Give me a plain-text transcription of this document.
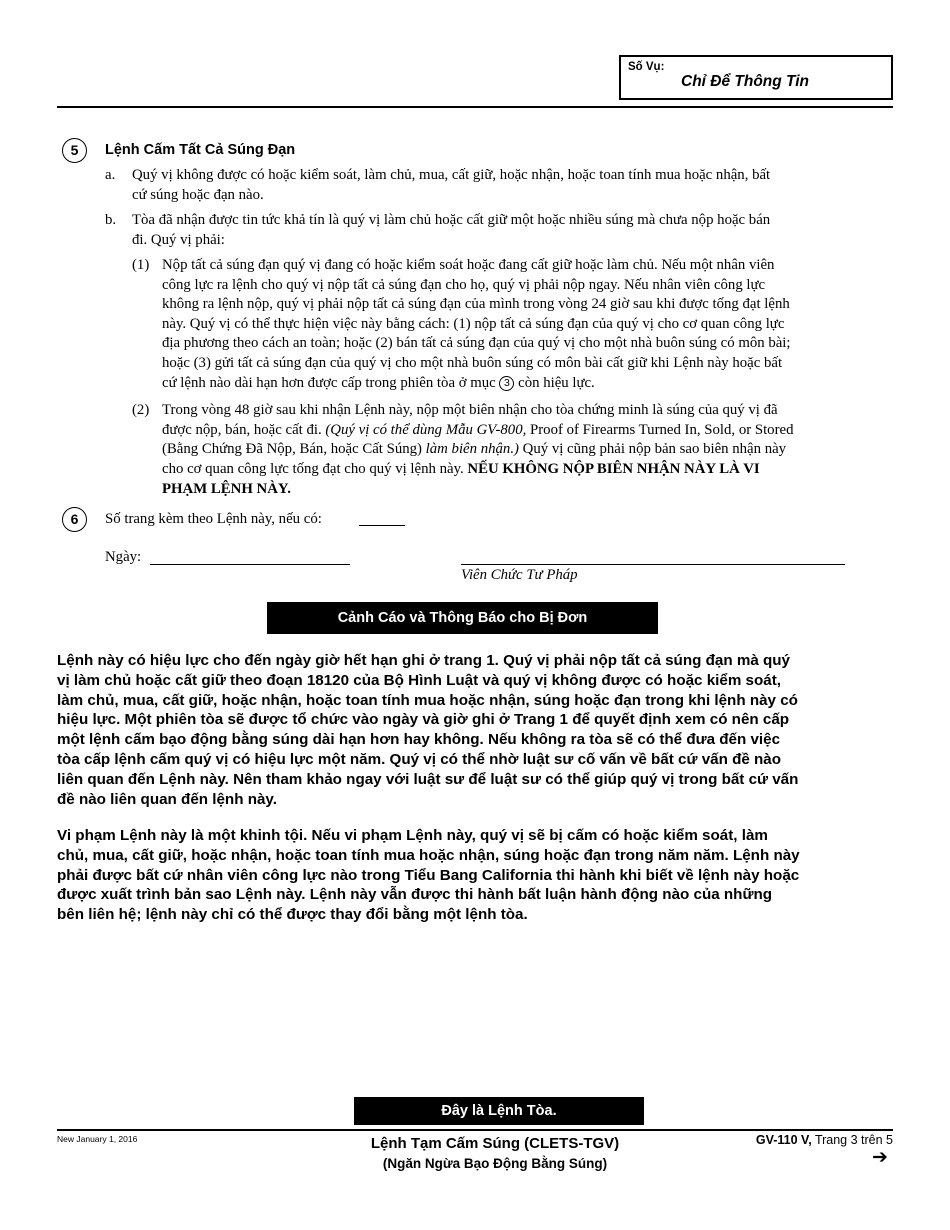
Số Vụ:
Chỉ Để Thông Tin
5	Lệnh Cấm Tất Cả Súng Đạn
a. Quý vị không được có hoặc kiểm soát, làm chủ, mua, cất giữ, hoặc nhận, hoặc toan tính mua hoặc nhận, bất
cứ súng hoặc đạn nào.
b. Tòa đã nhận được tin tức khả tín là quý vị làm chủ hoặc cất giữ một hoặc nhiều súng mà chưa nộp hoặc bán
đi. Quý vị phải:
(1) Nộp tất cả súng đạn quý vị đang có hoặc kiểm soát hoặc đang cất giữ hoặc làm chủ. Nếu một nhân viên
công lực ra lệnh cho quý vị nộp tất cả súng đạn cho họ, quý vị phải nộp ngay. Nếu nhân viên công lực
không ra lệnh nộp, quý vị phải nộp tất cả súng đạn của mình trong vòng 24 giờ sau khi được tống đạt lệnh
này. Quý vị có thể thực hiện việc này bằng cách: (1) nộp tất cả súng đạn của quý vị cho cơ quan công lực
địa phương theo cách an toàn; hoặc (2) bán tất cả súng đạn của quý vị cho một nhà buôn súng có môn bài;
hoặc (3) gửi tất cả súng đạn của quý vị cho một nhà buôn súng có môn bài cất giữ khi Lệnh này hoặc bất
cứ lệnh nào dài hạn hơn được cấp trong phiên tòa ở mục 3 còn hiệu lực.
(2) Trong vòng 48 giờ sau khi nhận Lệnh này, nộp một biên nhận cho tòa chứng minh là súng của quý vị đã
được nộp, bán, hoặc cất đi. (Quý vị có thể dùng Mẫu GV-800, Proof of Firearms Turned In, Sold, or Stored
(Bằng Chứng Đã Nộp, Bán, hoặc Cất Súng) làm biên nhận.) Quý vị cũng phải nộp bản sao biên nhận này
cho cơ quan công lực tống đạt cho quý vị lệnh này. NẾU KHÔNG NỘP BIÊN NHẬN NÀY LÀ VI
PHẠM LỆNH NÀY.
6	Số trang kèm theo Lệnh này, nếu có:
Ngày:
Viên Chức Tư Pháp
Cảnh Cáo và Thông Báo cho Bị Đơn
Lệnh này có hiệu lực cho đến ngày giờ hết hạn ghi ở trang 1. Quý vị phải nộp tất cả súng đạn mà quý
vị làm chủ hoặc cất giữ theo đoạn 18120 của Bộ Hình Luật và quý vị không được có hoặc kiểm soát,
làm chủ, mua, cất giữ, hoặc nhận, hoặc toan tính mua hoặc nhận, súng hoặc đạn trong khi lệnh này có
hiệu lực. Một phiên tòa sẽ được tổ chức vào ngày và giờ ghi ở Trang 1 để quyết định xem có nên cấp
một lệnh cấm bạo động bằng súng dài hạn hơn hay không. Nếu không ra tòa sẽ có thể đưa đến việc
tòa cấp lệnh cấm quý vị có hiệu lực một năm. Quý vị có thể nhờ luật sư cố vấn về bất cứ vấn đề nào
liên quan đến Lệnh này. Nên tham khảo ngay với luật sư để luật sư có thể giúp quý vị trong bất cứ vấn
đề nào liên quan đến lệnh này.
Vi phạm Lệnh này là một khinh tội. Nếu vi phạm Lệnh này, quý vị sẽ bị cấm có hoặc kiểm soát, làm
chủ, mua, cất giữ, hoặc nhận, hoặc toan tính mua hoặc nhận, súng hoặc đạn trong năm năm. Lệnh này
phải được bất cứ nhân viên công lực nào trong Tiểu Bang California thi hành khi biết về lệnh này hoặc
được xuất trình bản sao Lệnh này. Lệnh này vẫn được thi hành bất luận hành động nào của những
bên liên hệ; lệnh này chỉ có thể được thay đổi bằng một lệnh tòa.
Đây là Lệnh Tòa.
New January 1, 2016	Lệnh Tạm Cấm Súng (CLETS-TGV)
(Ngăn Ngừa Bạo Động Bằng Súng)
GV-110 V, Trang 3 trên 5
➔
